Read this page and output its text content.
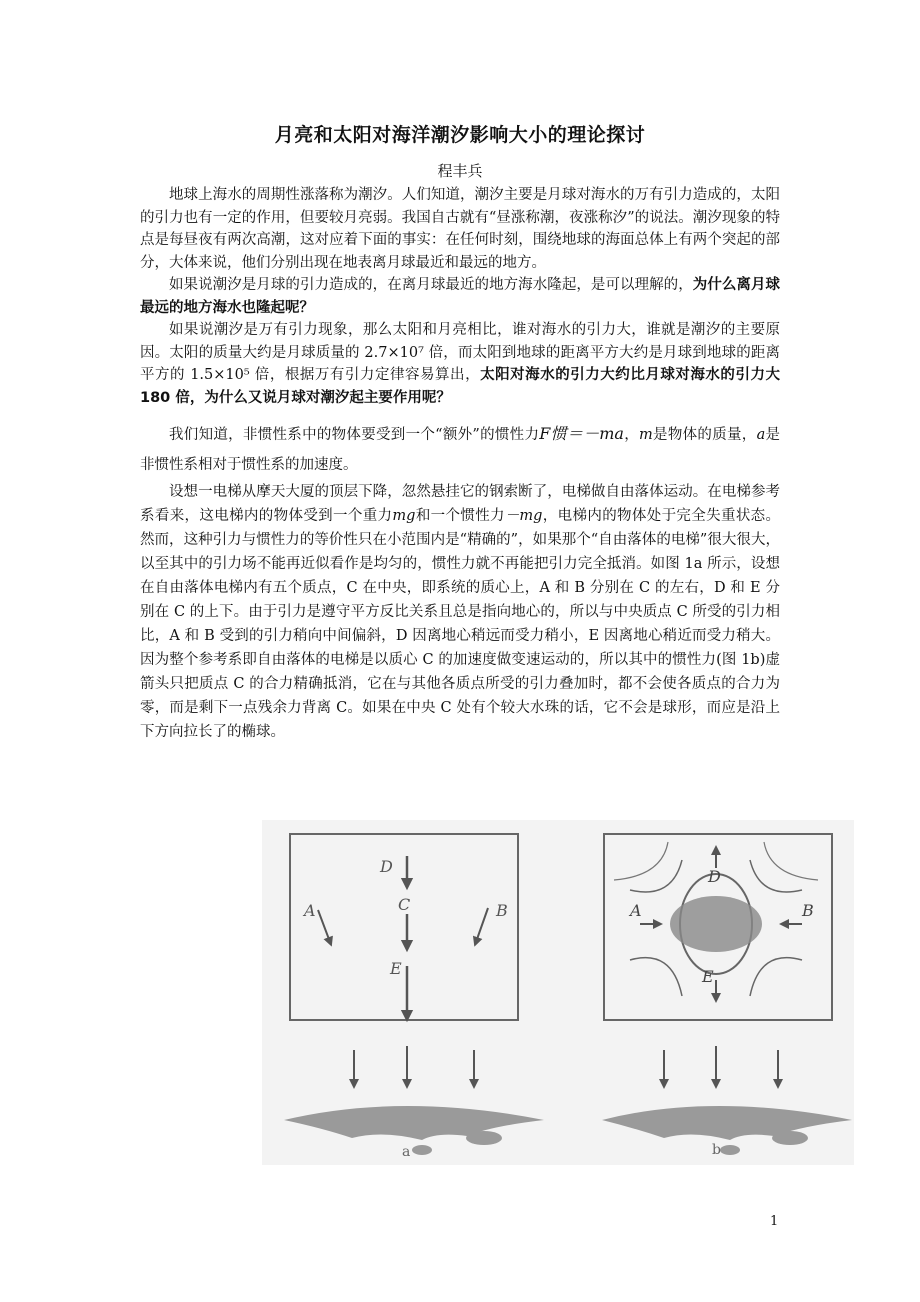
月亮和太阳对海洋潮汐影响大小的理论探讨
程丰兵

地球上海水的周期性涨落称为潮汐。人们知道，潮汐主要是月球对海水的万有引力造成的，太阳的引力也有一定的作用，但要较月亮弱。我国自古就有“昼涨称潮，夜涨称汐”的说法。潮汐现象的特点是每昼夜有两次高潮，这对应着下面的事实：在任何时刻，围绕地球的海面总体上有两个突起的部分，大体来说，他们分别出现在地表离月球最近和最远的地方。

如果说潮汐是月球的引力造成的，在离月球最近的地方海水隆起，是可以理解的，为什么离月球最远的地方海水也隆起呢？

如果说潮汐是万有引力现象，那么太阳和月亮相比，谁对海水的引力大，谁就是潮汐的主要原因。太阳的质量大约是月球质量的 2.7×10⁷ 倍，而太阳到地球的距离平方大约是月球到地球的距离平方的 1.5×10⁵ 倍，根据万有引力定律容易算出，太阳对海水的引力大约比月球对海水的引力大 180 倍，为什么又说月球对潮汐起主要作用呢？

我们知道，非惯性系中的物体要受到一个“额外”的惯性力F惯＝－ma，m是物体的质量，a是非惯性系相对于惯性系的加速度。

设想一电梯从摩天大厦的顶层下降，忽然悬挂它的钢索断了，电梯做自由落体运动。在电梯参考系看来，这电梯内的物体受到一个重力mg和一个惯性力－mg，电梯内的物体处于完全失重状态。然而，这种引力与惯性力的等价性只在小范围内是“精确的”，如果那个“自由落体的电梯”很大很大，以至其中的引力场不能再近似看作是均匀的，惯性力就不再能把引力完全抵消。如图 1a 所示，设想在自由落体电梯内有五个质点，C 在中央，即系统的质心上，A 和 B 分别在 C 的左右，D 和 E 分别在 C 的上下。由于引力是遵守平方反比关系且总是指向地心的，所以与中央质点 C 所受的引力相比，A 和 B 受到的引力稍向中间偏斜，D 因离地心稍远而受力稍小，E 因离地心稍近而受力稍大。因为整个参考系即自由落体的电梯是以质心 C 的加速度做变速运动的，所以其中的惯性力(图 1b)虚箭头只把质点 C 的合力精确抵消，它在与其他各质点所受的引力叠加时，都不会使各质点的合力为零，而是剩下一点残余力背离 C。如果在中央 C 处有个较大水珠的话，它不会是球形，而应是沿上下方向拉长了的椭球。

D
C
A	B
E
a
D
A	B
E
b
1
